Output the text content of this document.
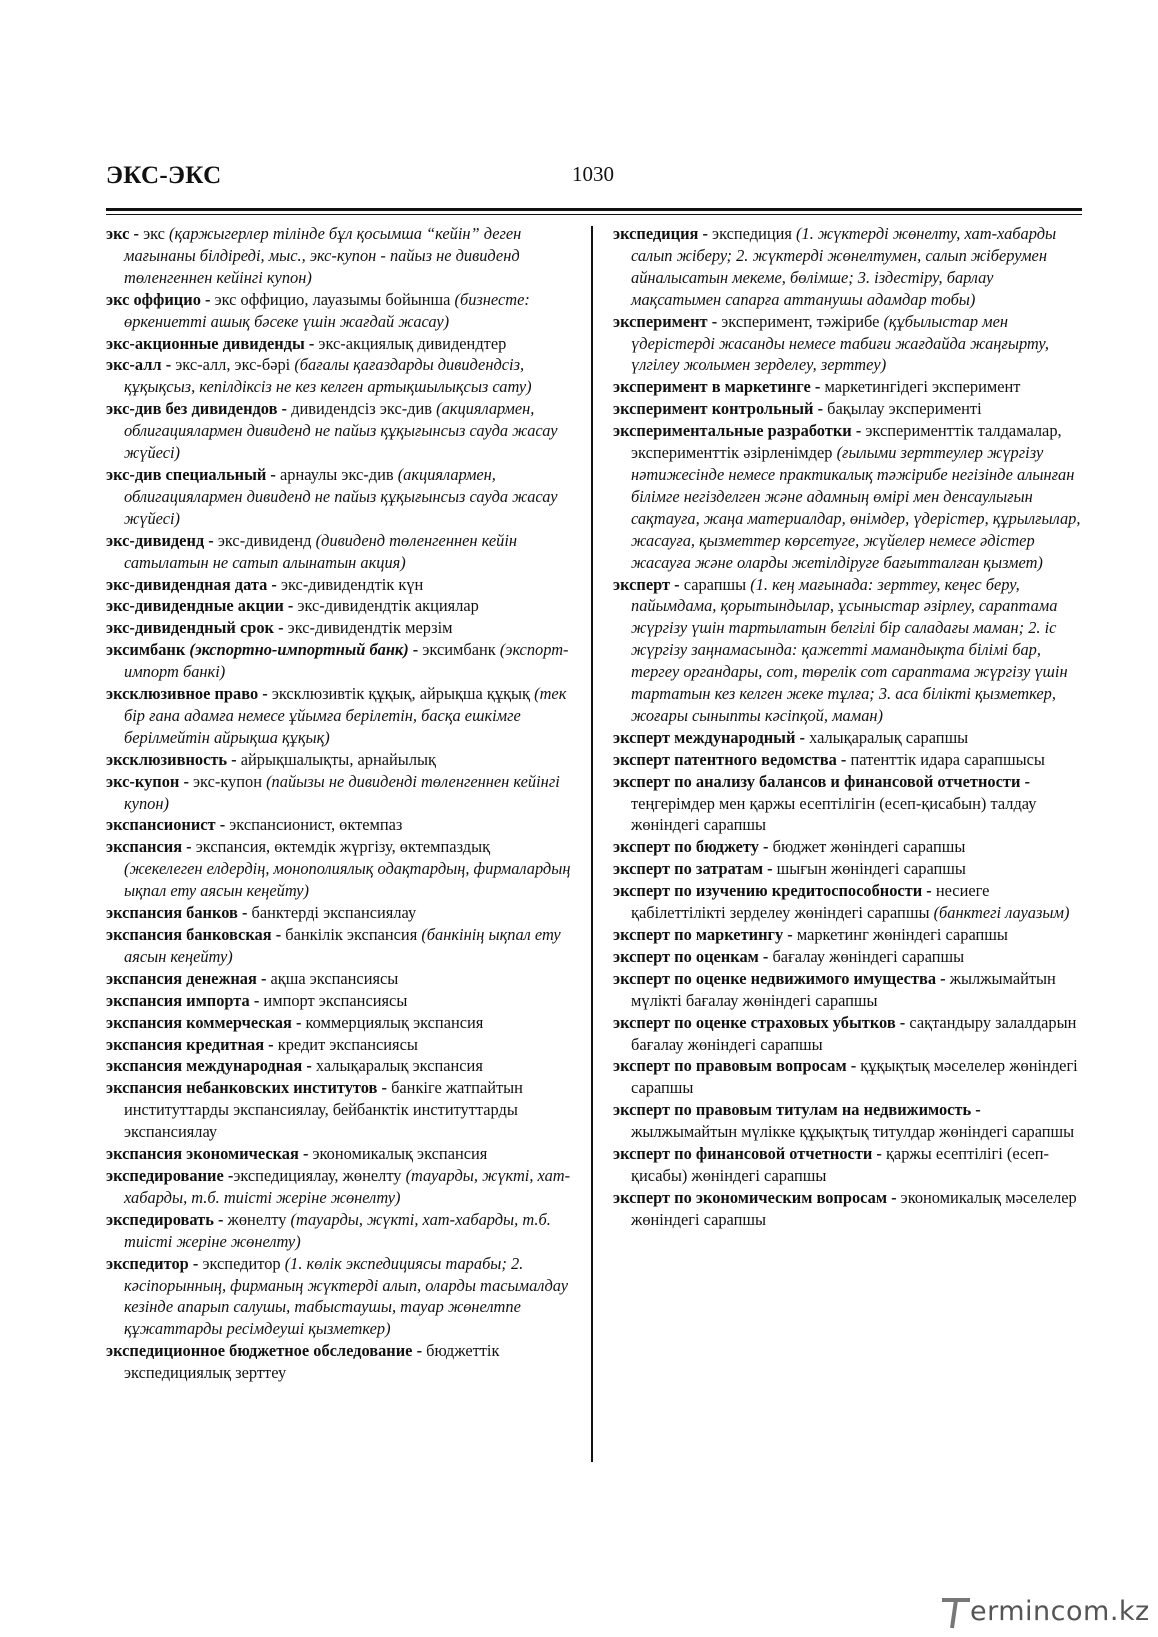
ЭКС-ЭКС	1030

экс - экс (қаржыгерлер тілінде бұл қосымша “кейін” деген мағынаны білдіреді, мыс., экс-купон - пайыз не дивиденд төленгеннен кейінгі купон)

экс оффицио - экс оффицио, лауазымы бойынша (бизнесте: өркениетті ашық бәсеке үшін жағдай жасау)

экс-акционные дивиденды - экс-акциялық дивидендтер

экс-алл - экс-алл, экс-бәрі (бағалы қағаздарды дивидендсіз, құқықсыз, кепілдіксіз не кез келген артықшылықсыз сату)

экс-див без дивидендов - дивидендсіз экс-див (акциялармен, облигациялармен дивиденд не пайыз құқығынсыз сауда жасау жүйесі)

экс-див специальный - арнаулы экс-див (акциялармен, облигациялармен дивиденд не пайыз құқығынсыз сауда жасау жүйесі)

экс-дивиденд - экс-дивиденд (дивиденд төленгеннен кейін сатылатын не сатып алынатын акция)

экс-дивидендная дата - экс-дивидендтік күн

экс-дивидендные акции - экс-дивидендтік акциялар

экс-дивидендный срок - экс-дивидендтік мерзім

эксимбанк (экспортно-импортный банк) - эксимбанк (экспорт-импорт банкі)

эксклюзивное право - эксклюзивтік құқық, айрықша құқық (тек бір ғана адамға немесе ұйымға берілетін, басқа ешкімге берілмейтін айрықша құқық)

эксклюзивность - айрықшалықты, арнайылық

экс-купон - экс-купон (пайызы не дивиденді төленгеннен кейінгі купон)

экспансионист - экспансионист, өктемпаз

экспансия - экспансия, өктемдік жүргізу, өктемпаздық (жекелеген елдердің, монополиялық одақтардың, фирмалардың ықпал ету аясын кеңейту)

экспансия банков - банктерді экспансиялау

экспансия банковская - банкілік экспансия (банкінің ықпал ету аясын кеңейту)

экспансия денежная - ақша экспансиясы

экспансия импорта - импорт экспансиясы

экспансия коммерческая - коммерциялық экспансия

экспансия кредитная - кредит экспансиясы

экспансия международная - халықаралық экспансия

экспансия небанковских институтов - банкіге жатпайтын институттарды экспансиялау, бейбанктік институттарды экспансиялау

экспансия экономическая - экономикалық экспансия

экспедирование -экспедициялау, жөнелту (тауарды, жүкті, хат-хабарды, т.б. тиісті жеріне жөнелту)

экспедировать - жөнелту (тауарды, жүкті, хат-хабарды, т.б. тиісті жеріне жөнелту)

экспедитор - экспедитор (1. көлік экспедициясы тарабы; 2. кәсіпорынның, фирманың жүктерді алып, оларды тасымалдау кезінде апарып салушы, табыстаушы, тауар жөнелтпе құжаттарды ресімдеуші қызметкер)

экспедиционное бюджетное обследование - бюджеттік экспедициялық зерттеу

экспедиция - экспедиция (1. жүктерді жөнелту, хат-хабарды салып жіберу; 2. жүктерді жөнелтумен, салып жіберумен айналысатын мекеме, бөлімше; 3. іздестіру, барлау мақсатымен сапарға аттанушы адамдар тобы)

эксперимент - эксперимент, тәжірибе (құбылыстар мен үдерістерді жасанды немесе табиғи жағдайда жаңғырту, үлгілеу жолымен зерделеу, зерттеу)

эксперимент в маркетинге - маркетингідегі эксперимент

эксперимент контрольный - бақылау эксперименті

экспериментальные разработки - эксперименттік талдамалар, эксперименттік әзірленімдер (ғылыми зерттеулер жүргізу нәтижесінде немесе практикалық тәжірибе негізінде алынған білімге негізделген және адамның өмірі мен денсаулығын сақтауға, жаңа материалдар, өнімдер, үдерістер, құрылғылар, жасауға, қызметтер көрсетуге, жүйелер немесе әдістер жасауға және оларды жетілдіруге бағытталған қызмет)

эксперт - сарапшы (1. кең мағынада: зерттеу, кеңес беру, пайымдама, қорытындылар, ұсыныстар әзірлеу, сараптама жүргізу үшін тартылатын белгілі бір саладағы маман; 2. іс жүргізу заңнамасында: қажетті мамандықта білімі бар, тергеу органдары, сот, төрелік сот сараптама жүргізу үшін тартатын кез келген жеке тұлға; 3. аса білікті қызметкер, жоғары сыныпты кәсіпқой, маман)

эксперт международный - халықаралық сарапшы

эксперт патентного ведомства - патенттік идара сарапшысы

эксперт по анализу балансов и финансовой отчетности - теңгерімдер мен қаржы есептілігін (есеп-қисабын) талдау жөніндегі сарапшы

эксперт по бюджету - бюджет жөніндегі сарапшы

эксперт по затратам - шығын жөніндегі сарапшы

эксперт по изучению кредитоспособности - несиеге қабілеттілікті зерделеу жөніндегі сарапшы (банктегі лауазым)

эксперт по маркетингу - маркетинг жөніндегі сарапшы

эксперт по оценкам - бағалау жөніндегі сарапшы

эксперт по оценке недвижимого имущества - жылжымайтын мүлікті бағалау жөніндегі сарапшы

эксперт по оценке страховых убытков - сақтандыру залалдарын бағалау жөніндегі сарапшы

эксперт по правовым вопросам - құқықтық мәселелер жөніндегі сарапшы

эксперт по правовым титулам на недвижимость - жылжымайтын мүлікке құқықтық титулдар жөніндегі сарапшы

эксперт по финансовой отчетности - қаржы есептілігі (есеп-қисабы) жөніндегі сарапшы

эксперт по экономическим вопросам - экономикалық мәселелер жөніндегі сарапшы

ermincom.kz
